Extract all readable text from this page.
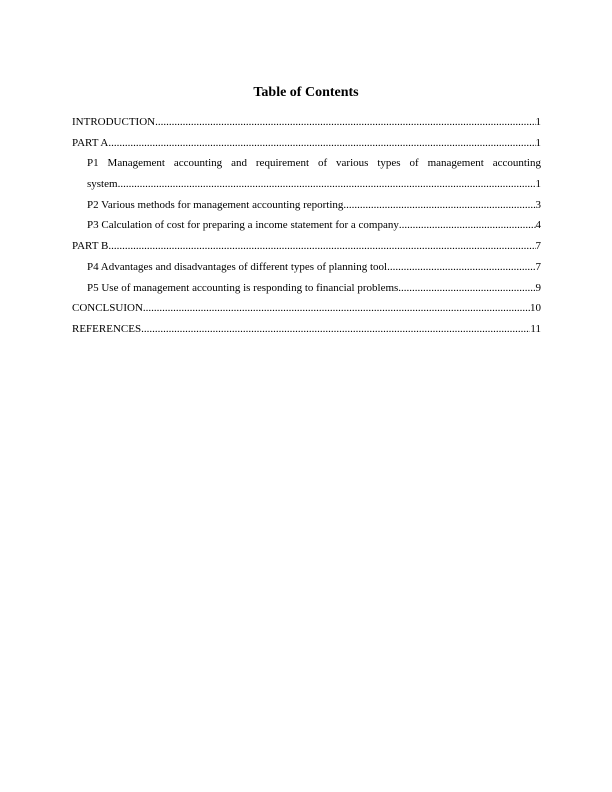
Table of Contents
INTRODUCTION .....	1
PART A .....	1
P1 Management accounting and requirement of various types of management accounting
system .....	1
P2 Various methods for management accounting reporting .....	3
P3 Calculation of cost for preparing a income statement for a company .....	4
PART B .....	7
P4 Advantages and disadvantages of different types of planning tool .....	7
P5 Use of management accounting is responding to financial problems .....	9
CONCLSUION .....	10
REFERENCES .....	11
